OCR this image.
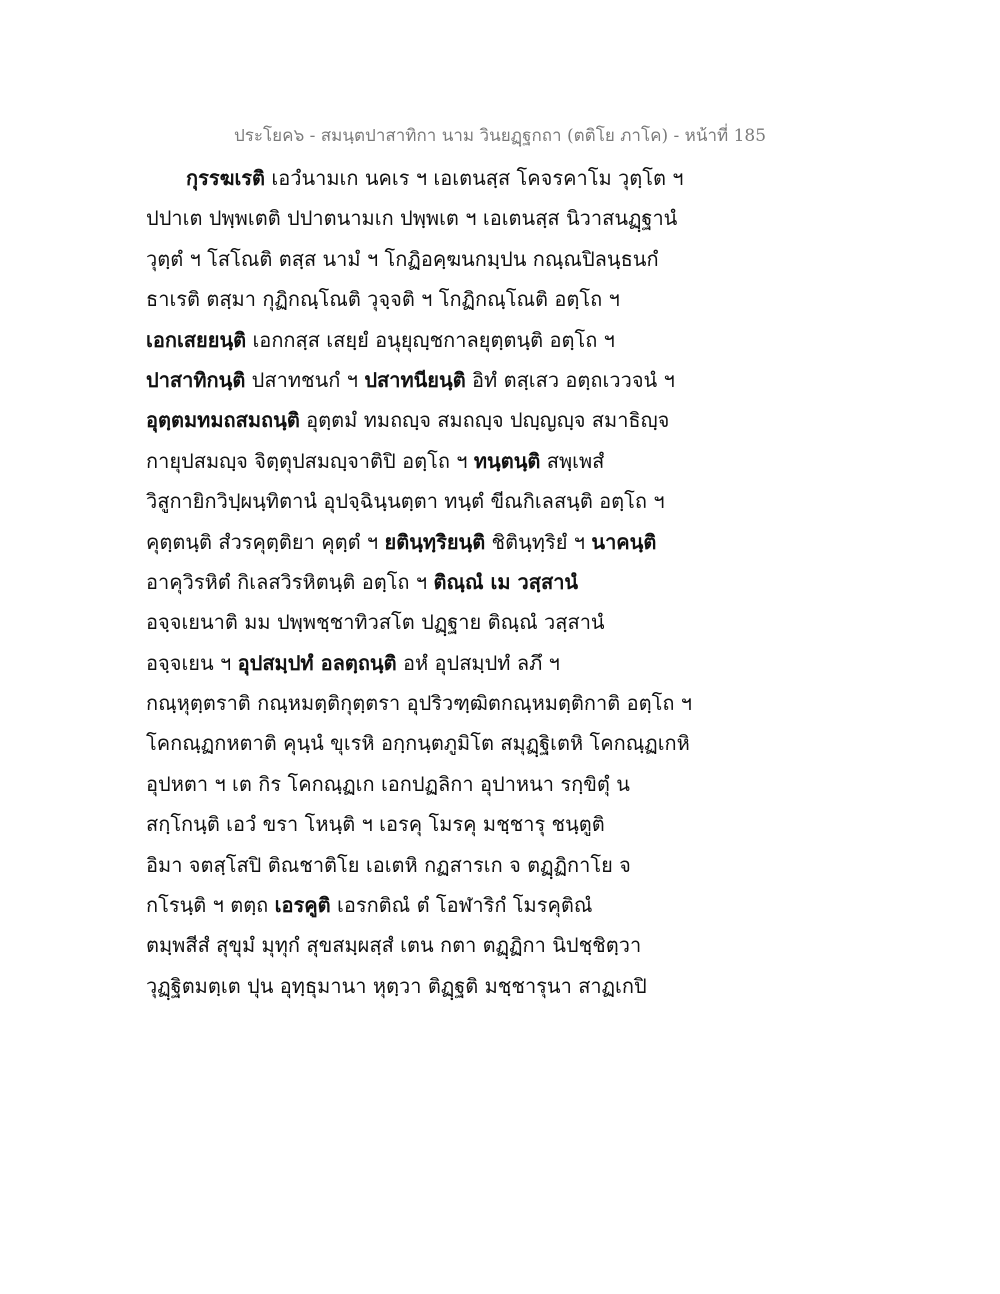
ประโยค๖ - สมนฺตปาสาทิกา นาม วินยฏฺฐกถา (ตติโย ภาโค) - หน้าที่ 185
กุรรฆเรติ เอวํนามเก นคเร ฯ เอเตนสฺส โคจรคาโม วุตฺโต ฯ
ปปาเต ปพฺพเตติ ปปาตนามเก ปพฺพเต ฯ เอเตนสฺส นิวาสนฏฺฐานํ
วุตฺตํ ฯ โสโณติ ตสฺส นามํ ฯ โกฏิอคฺฆนกมฺปน กณฺณปิลนฺธนกํ
ธาเรติ ตสฺมา กุฏิกณฺโณติ วุจฺจติ ฯ โกฏิกณฺโณติ อตฺโถ ฯ
เอกเสยยนฺติ เอกกสฺส เสยฺยํ อนุยุญฺชกาลยุตฺตนฺติ อตฺโถ ฯ
ปาสาทิกนฺติ ปสาทชนกํ ฯ ปสาทนียนฺติ อิทํ ตสฺเสว อตฺถเววจนํ ฯ
อุตฺตมทมถสมถนฺติ อุตฺตมํ ทมถญฺจ สมถญฺจ ปญฺญญฺจ สมาธิญฺจ
กายุปสมญฺจ จิตฺตุปสมญฺจาติปิ อตฺโถ ฯ ทนฺตนฺติ สพฺเพสํ
วิสูกายิกวิปฺผนฺทิตานํ อุปจฺฉินฺนตฺตา ทนฺตํ ขีณกิเลสนฺติ อตฺโถ ฯ
คุตฺตนฺติ สํวรคุตฺติยา คุตฺตํ ฯ ยตินฺทฺริยนฺติ ชิตินฺทฺริยํ ฯ นาคนฺติ
อาคุวิรหิตํ กิเลสวิรหิตนฺติ อตฺโถ ฯ ติณฺณํ เม วสฺสานํ
อจฺจเยนาติ มม ปพฺพชฺชาทิวสโต ปฏฺฐาย ติณฺณํ วสฺสานํ
อจฺจเยน ฯ อุปสมฺปทํ อลตฺถนฺติ อหํ อุปสมฺปทํ ลภึ ฯ
กณฺหุตฺตราติ กณฺหมตฺติกุตฺตรา อุปริวฑฺฒิตกณฺหมตฺติกาติ อตฺโถ ฯ
โคกณฺฏกหตาติ คุนฺนํ ขุเรหิ อกฺกนฺตภูมิโต สมุฏฺฐิเตหิ โคกณฺฏเกหิ
อุปหตา ฯ เต กิร โคกณฺฏเก เอกปฏลิกา อุปาหนา รกฺขิตุํ น
สกฺโกนฺติ เอวํ ขรา โหนฺติ ฯ เอรคุ โมรคุ มชฺชารุ ชนฺตูติ
อิมา จตสฺโสปิ ติณชาติโย เอเตหิ กฏสารเก จ ตฏฺฏิกาโย จ
กโรนฺติ ฯ ตตฺถ เอรคูติ เอรกติณํ ตํ โอฬาริกํ โมรคุติณํ
ตมฺพสีสํ สุขุมํ มุทุกํ สุขสมฺผสฺสํ เตน กตา ตฏฺฏิกา นิปชฺชิตฺวา
วุฏฺฐิตมตฺเต ปุน อุทฺธุมานา หุตฺวา ติฏฺฐติ มชฺชารุนา สาฏเกปิ
